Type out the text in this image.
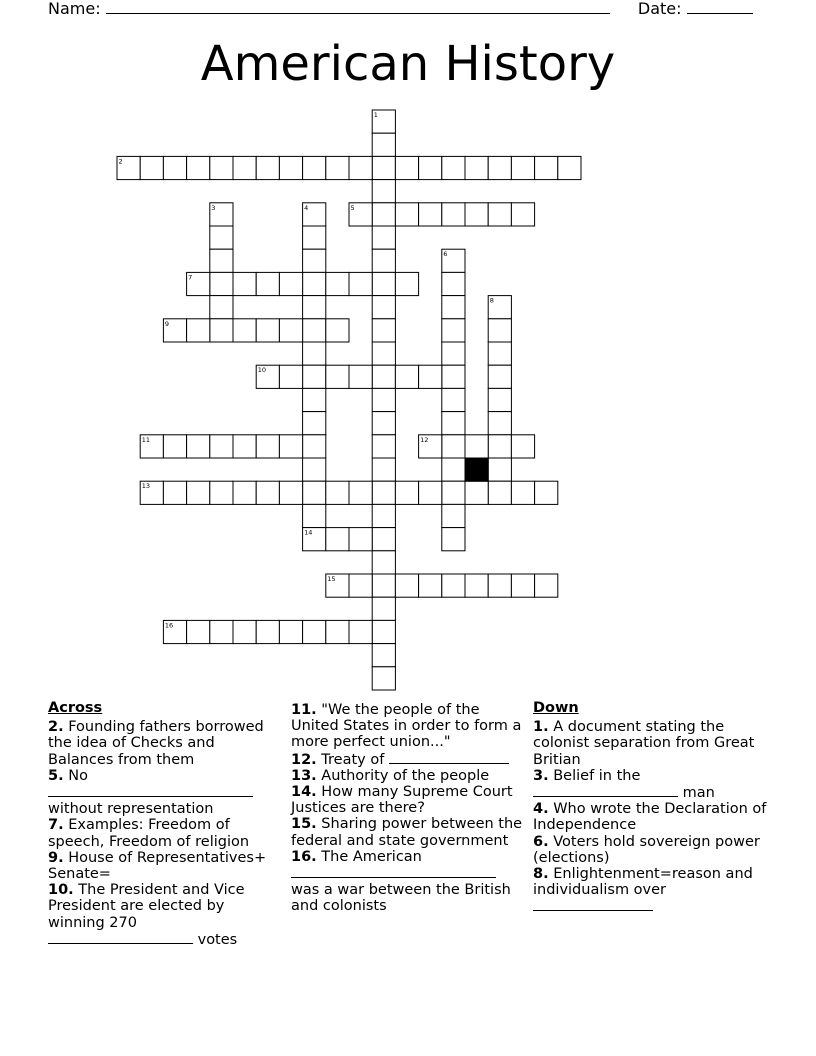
Name:	Date:
American History
1
2
3	4	5
6
7
8
9
10
11	12
13
14
15
16
Across
2. Founding fathers borrowed the idea of Checks and Balances from them
5. No  without representation
7. Examples: Freedom of speech, Freedom of religion
9. House of Representatives+ Senate=
10. The President and Vice President are elected by winning 270  votes
11. "We the people of the United States in order to form a more perfect union..."
12. Treaty of
13. Authority of the people
14. How many Supreme Court Justices are there?
15. Sharing power between the federal and state government
16. The American  was a war between the British and colonists
Down
1. A document stating the colonist separation from Great Britian
3. Belief in the  man
4. Who wrote the Declaration of Independence
6. Voters hold sovereign power (elections)
8. Enlightenment=reason and individualism over
